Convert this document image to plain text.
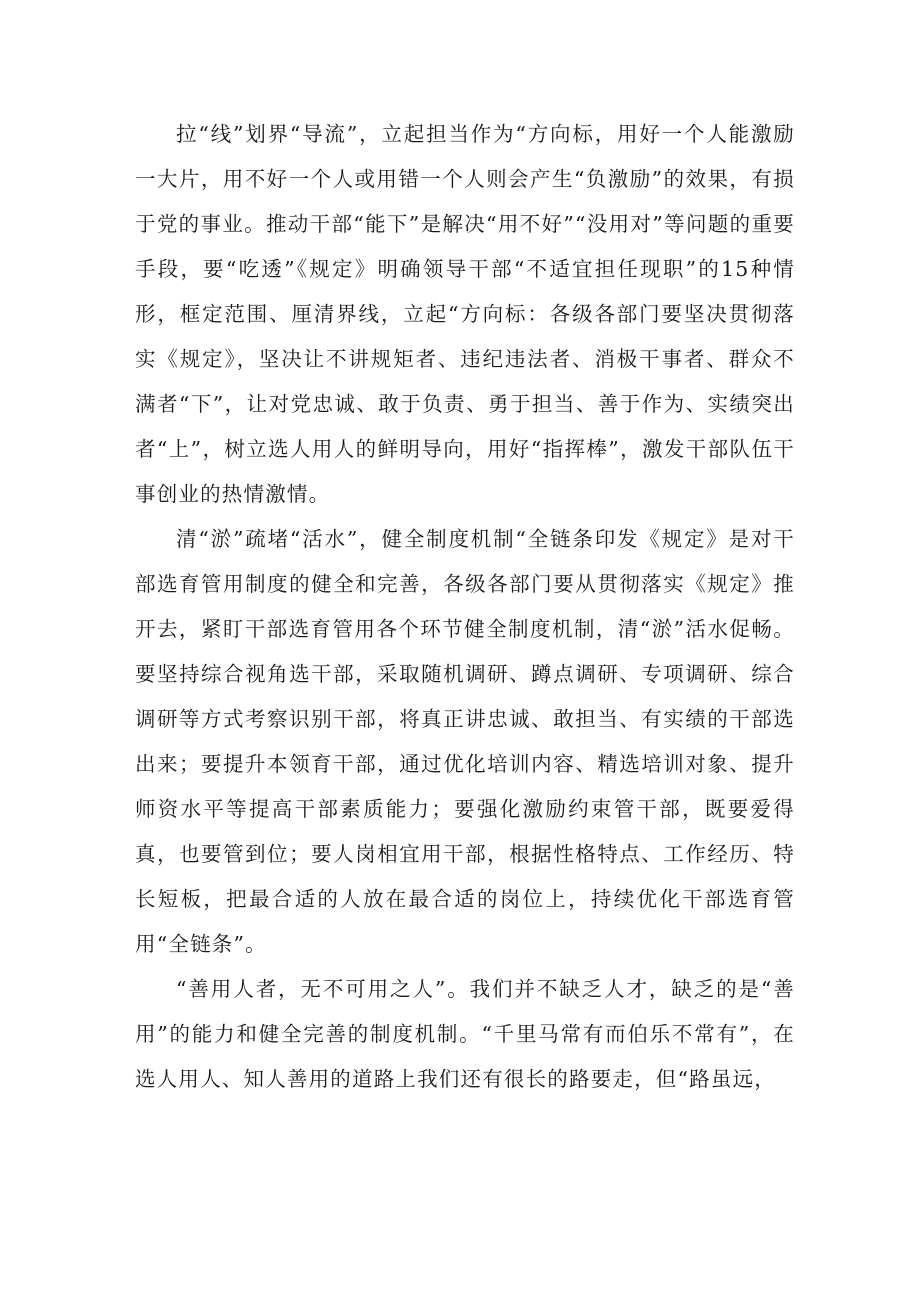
拉“线”划界“导流”，立起担当作为“方向标，用好一个人能激励一大片，用不好一个人或用错一个人则会产生“负激励”的效果，有损于党的事业。推动干部“能下”是解决“用不好”“没用对”等问题的重要手段，要“吃透”《规定》明确领导干部“不适宜担任现职”的15种情形，框定范围、厘清界线，立起“方向标：各级各部门要坚决贯彻落实《规定》，坚决让不讲规矩者、违纪违法者、消极干事者、群众不满者“下”，让对党忠诚、敢于负责、勇于担当、善于作为、实绩突出者“上”，树立选人用人的鲜明导向，用好“指挥棒”，激发干部队伍干事创业的热情激情。

清“淤”疏堵“活水”，健全制度机制“全链条印发《规定》是对干部选育管用制度的健全和完善，各级各部门要从贯彻落实《规定》推开去，紧盯干部选育管用各个环节健全制度机制，清“淤”活水促畅。要坚持综合视角选干部，采取随机调研、蹲点调研、专项调研、综合调研等方式考察识别干部，将真正讲忠诚、敢担当、有实绩的干部选出来；要提升本领育干部，通过优化培训内容、精选培训对象、提升师资水平等提高干部素质能力；要强化激励约束管干部，既要爱得真，也要管到位；要人岗相宜用干部，根据性格特点、工作经历、特长短板，把最合适的人放在最合适的岗位上，持续优化干部选育管用“全链条”。

“善用人者，无不可用之人”。我们并不缺乏人才，缺乏的是“善用”的能力和健全完善的制度机制。“千里马常有而伯乐不常有”，在选人用人、知人善用的道路上我们还有很长的路要走，但“路虽远，
